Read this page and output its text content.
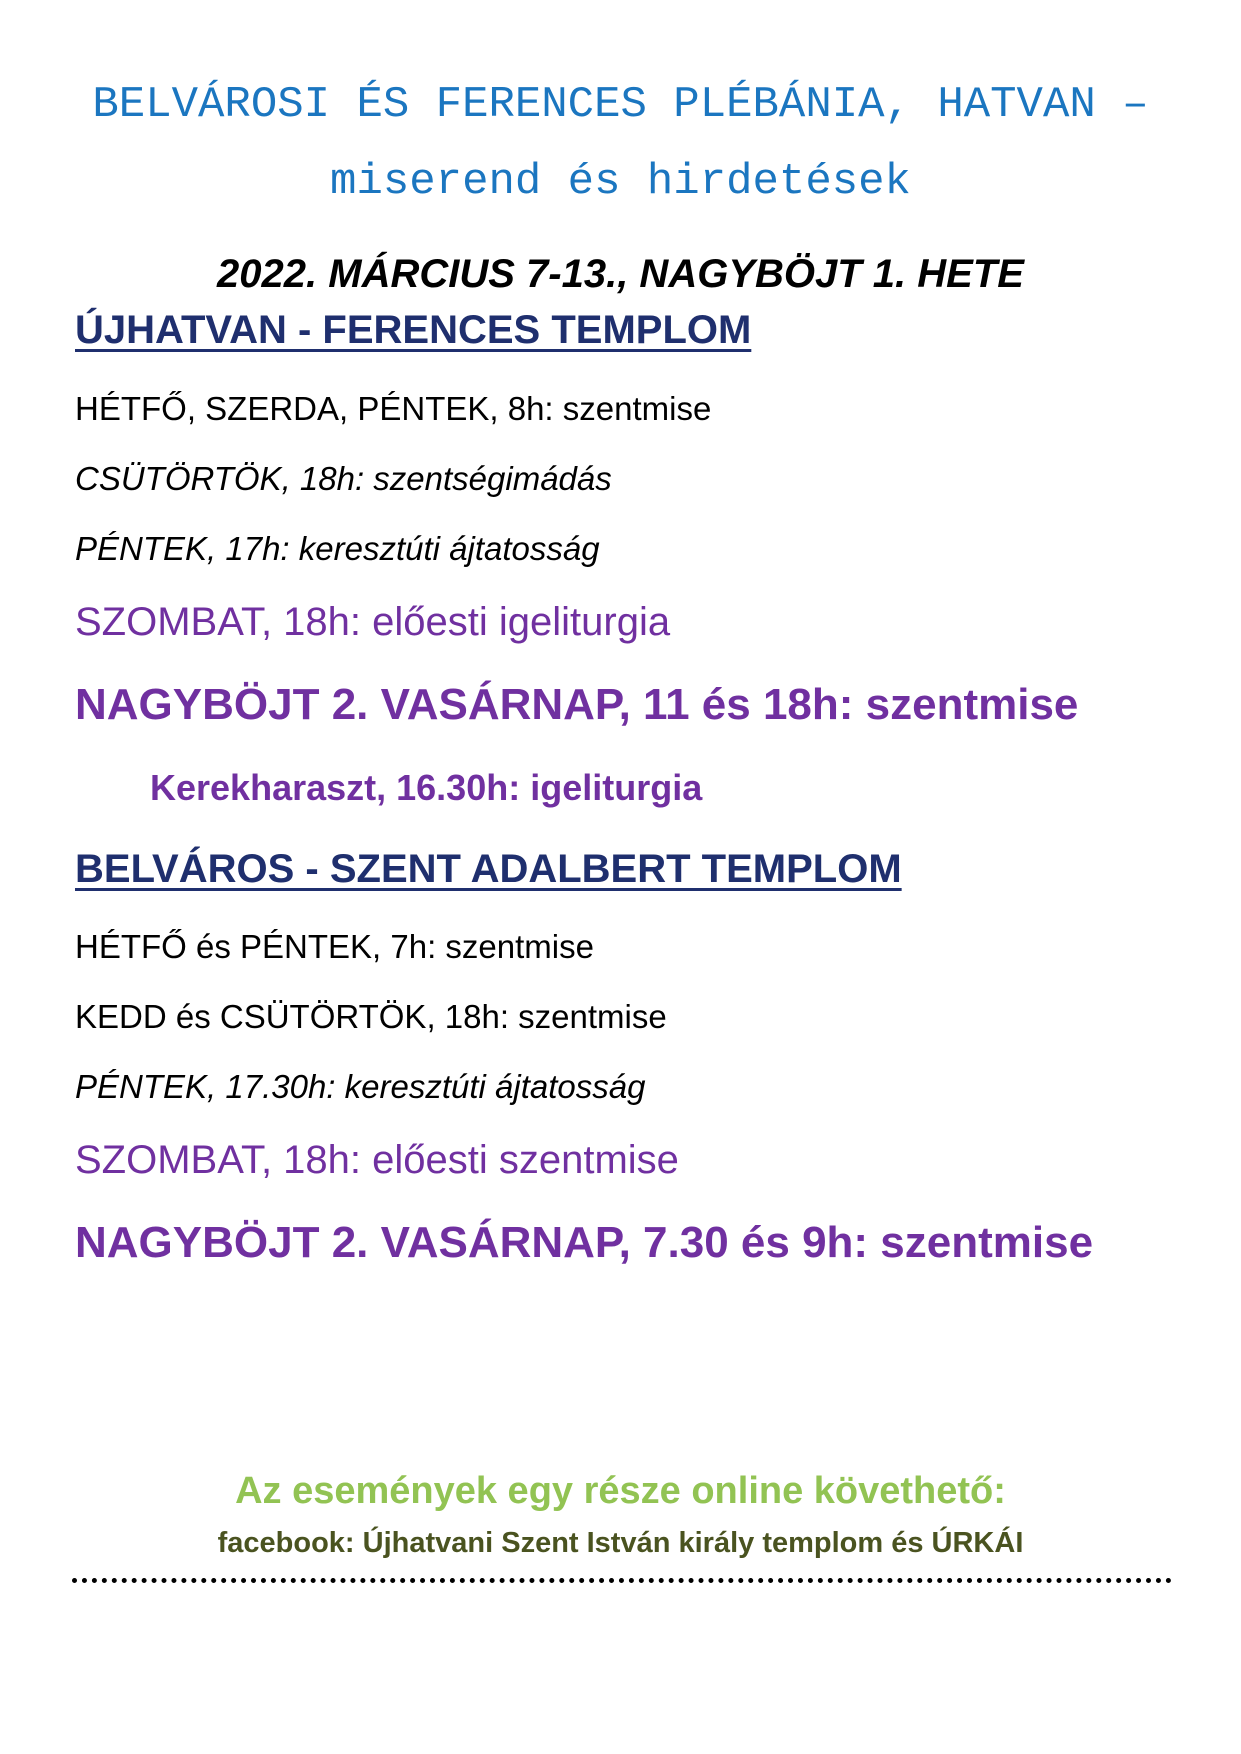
BELVÁROSI ÉS FERENCES PLÉBÁNIA, HATVAN –
miserend és hirdetések
2022. MÁRCIUS 7-13., NAGYBÖJT 1. HETE
ÚJHATVAN - FERENCES TEMPLOM
HÉTFŐ, SZERDA, PÉNTEK, 8h: szentmise
CSÜTÖRTÖK, 18h: szentségimádás
PÉNTEK, 17h: keresztúti ájtatosság
SZOMBAT, 18h: előesti igeliturgia
NAGYBÖJT 2. VASÁRNAP, 11 és 18h: szentmise
Kerekharaszt, 16.30h: igeliturgia
BELVÁROS - SZENT ADALBERT TEMPLOM
HÉTFŐ és PÉNTEK, 7h: szentmise
KEDD és CSÜTÖRTÖK, 18h: szentmise
PÉNTEK, 17.30h: keresztúti ájtatosság
SZOMBAT, 18h: előesti szentmise
NAGYBÖJT 2. VASÁRNAP, 7.30 és 9h: szentmise
Az események egy része online követhető:
facebook: Újhatvani Szent István király templom és ÚRKÁI
